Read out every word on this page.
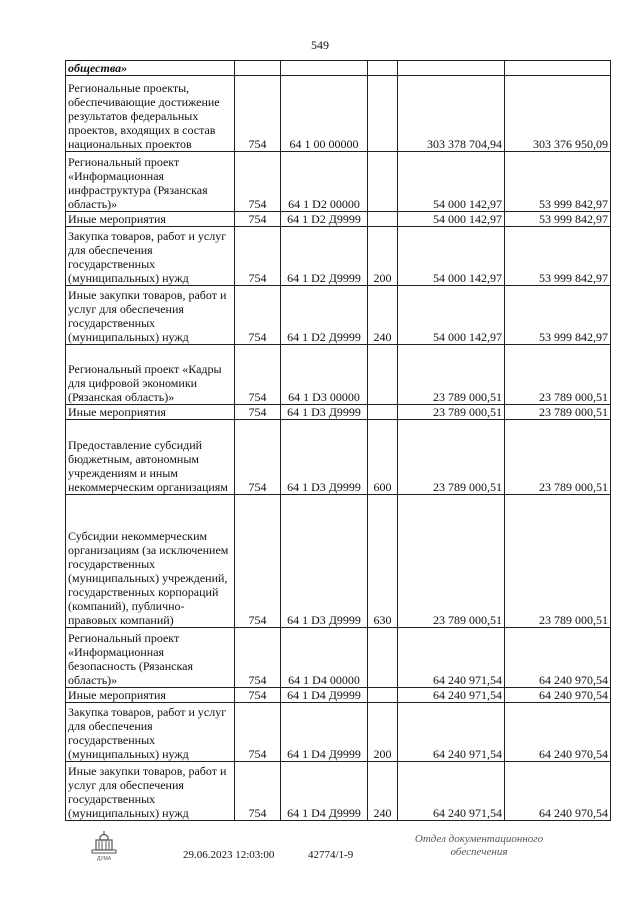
549
общества»					
Региональные проекты, обеспечивающие достижение результатов федеральных проектов, входящих в состав национальных проектов	754	64 1 00 00000		303 378 704,94	303 376 950,09
Региональный проект «Информационная инфраструктура (Рязанская область)»	754	64 1 D2 00000		54 000 142,97	53 999 842,97
Иные мероприятия	754	64 1 D2 Д9999		54 000 142,97	53 999 842,97
Закупка товаров, работ и услуг для обеспечения государственных (муниципальных) нужд	754	64 1 D2 Д9999	200	54 000 142,97	53 999 842,97
Иные закупки товаров, работ и услуг для обеспечения государственных (муниципальных) нужд	754	64 1 D2 Д9999	240	54 000 142,97	53 999 842,97
Региональный проект «Кадры для цифровой экономики (Рязанская область)»	754	64 1 D3 00000		23 789 000,51	23 789 000,51
Иные мероприятия	754	64 1 D3 Д9999		23 789 000,51	23 789 000,51
Предоставление субсидий бюджетным, автономным учреждениям и иным некоммерческим организациям	754	64 1 D3 Д9999	600	23 789 000,51	23 789 000,51
Субсидии некоммерческим организациям (за исключением государственных (муниципальных) учреждений, государственных корпораций (компаний), публично-правовых компаний)	754	64 1 D3 Д9999	630	23 789 000,51	23 789 000,51
Региональный проект «Информационная безопасность (Рязанская область)»	754	64 1 D4 00000		64 240 971,54	64 240 970,54
Иные мероприятия	754	64 1 D4 Д9999		64 240 971,54	64 240 970,54
Закупка товаров, работ и услуг для обеспечения государственных (муниципальных) нужд	754	64 1 D4 Д9999	200	64 240 971,54	64 240 970,54
Иные закупки товаров, работ и услуг для обеспечения государственных (муниципальных) нужд	754	64 1 D4 Д9999	240	64 240 971,54	64 240 970,54
ДУМА	29.06.2023 12:03:00	42774/1-9
Отдел документационного
обеспечения
